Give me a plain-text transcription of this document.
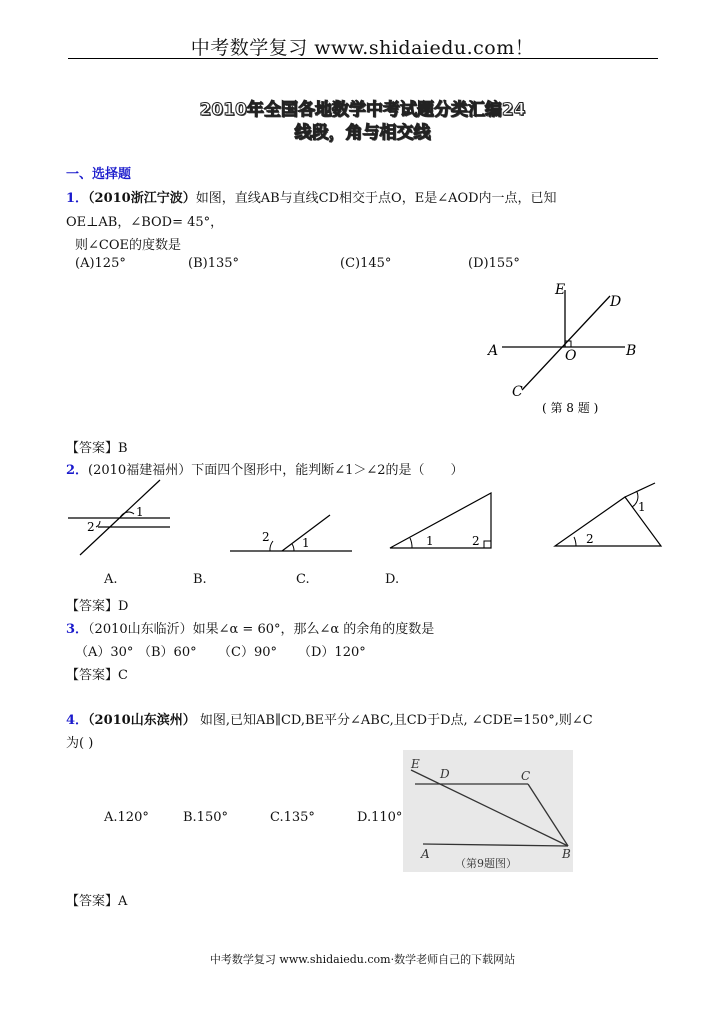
中考数学复习 www.shidaiedu.com！
2010年全国各地数学中考试题分类汇编24
线段，角与相交线
一、选择题
1．（2010浙江宁波）如图，直线AB与直线CD相交于点O，E是∠AOD内一点，已知
OE⊥AB，∠BOD= 45°，
则∠COE的度数是
(A)125°	(B)135°	(C)145°	(D)155°
E
D
A	O	B
C
( 第 8 题 )
【答案】B
2．(2010福建福州）下面四个图形中，能判断∠1＞∠2的是（　　）
1
2
2	1	1	2	2
1
A.	B.	C.	D.
【答案】D
3．（2010山东临沂）如果∠α = 60°，那么∠α 的余角的度数是
（A）30° （B）60° （C）90° （D）120°
【答案】C
4．（2010山东滨州） 如图,已知AB∥CD,BE平分∠ABC,且CD于D点, ∠CDE=150°,则∠C
为( )
A.120°	B.150°	C.135°	D.110°
E
D	C
A	B
（第9题图）
【答案】A
中考数学复习 www.shidaiedu.com·数学老师自己的下载网站
